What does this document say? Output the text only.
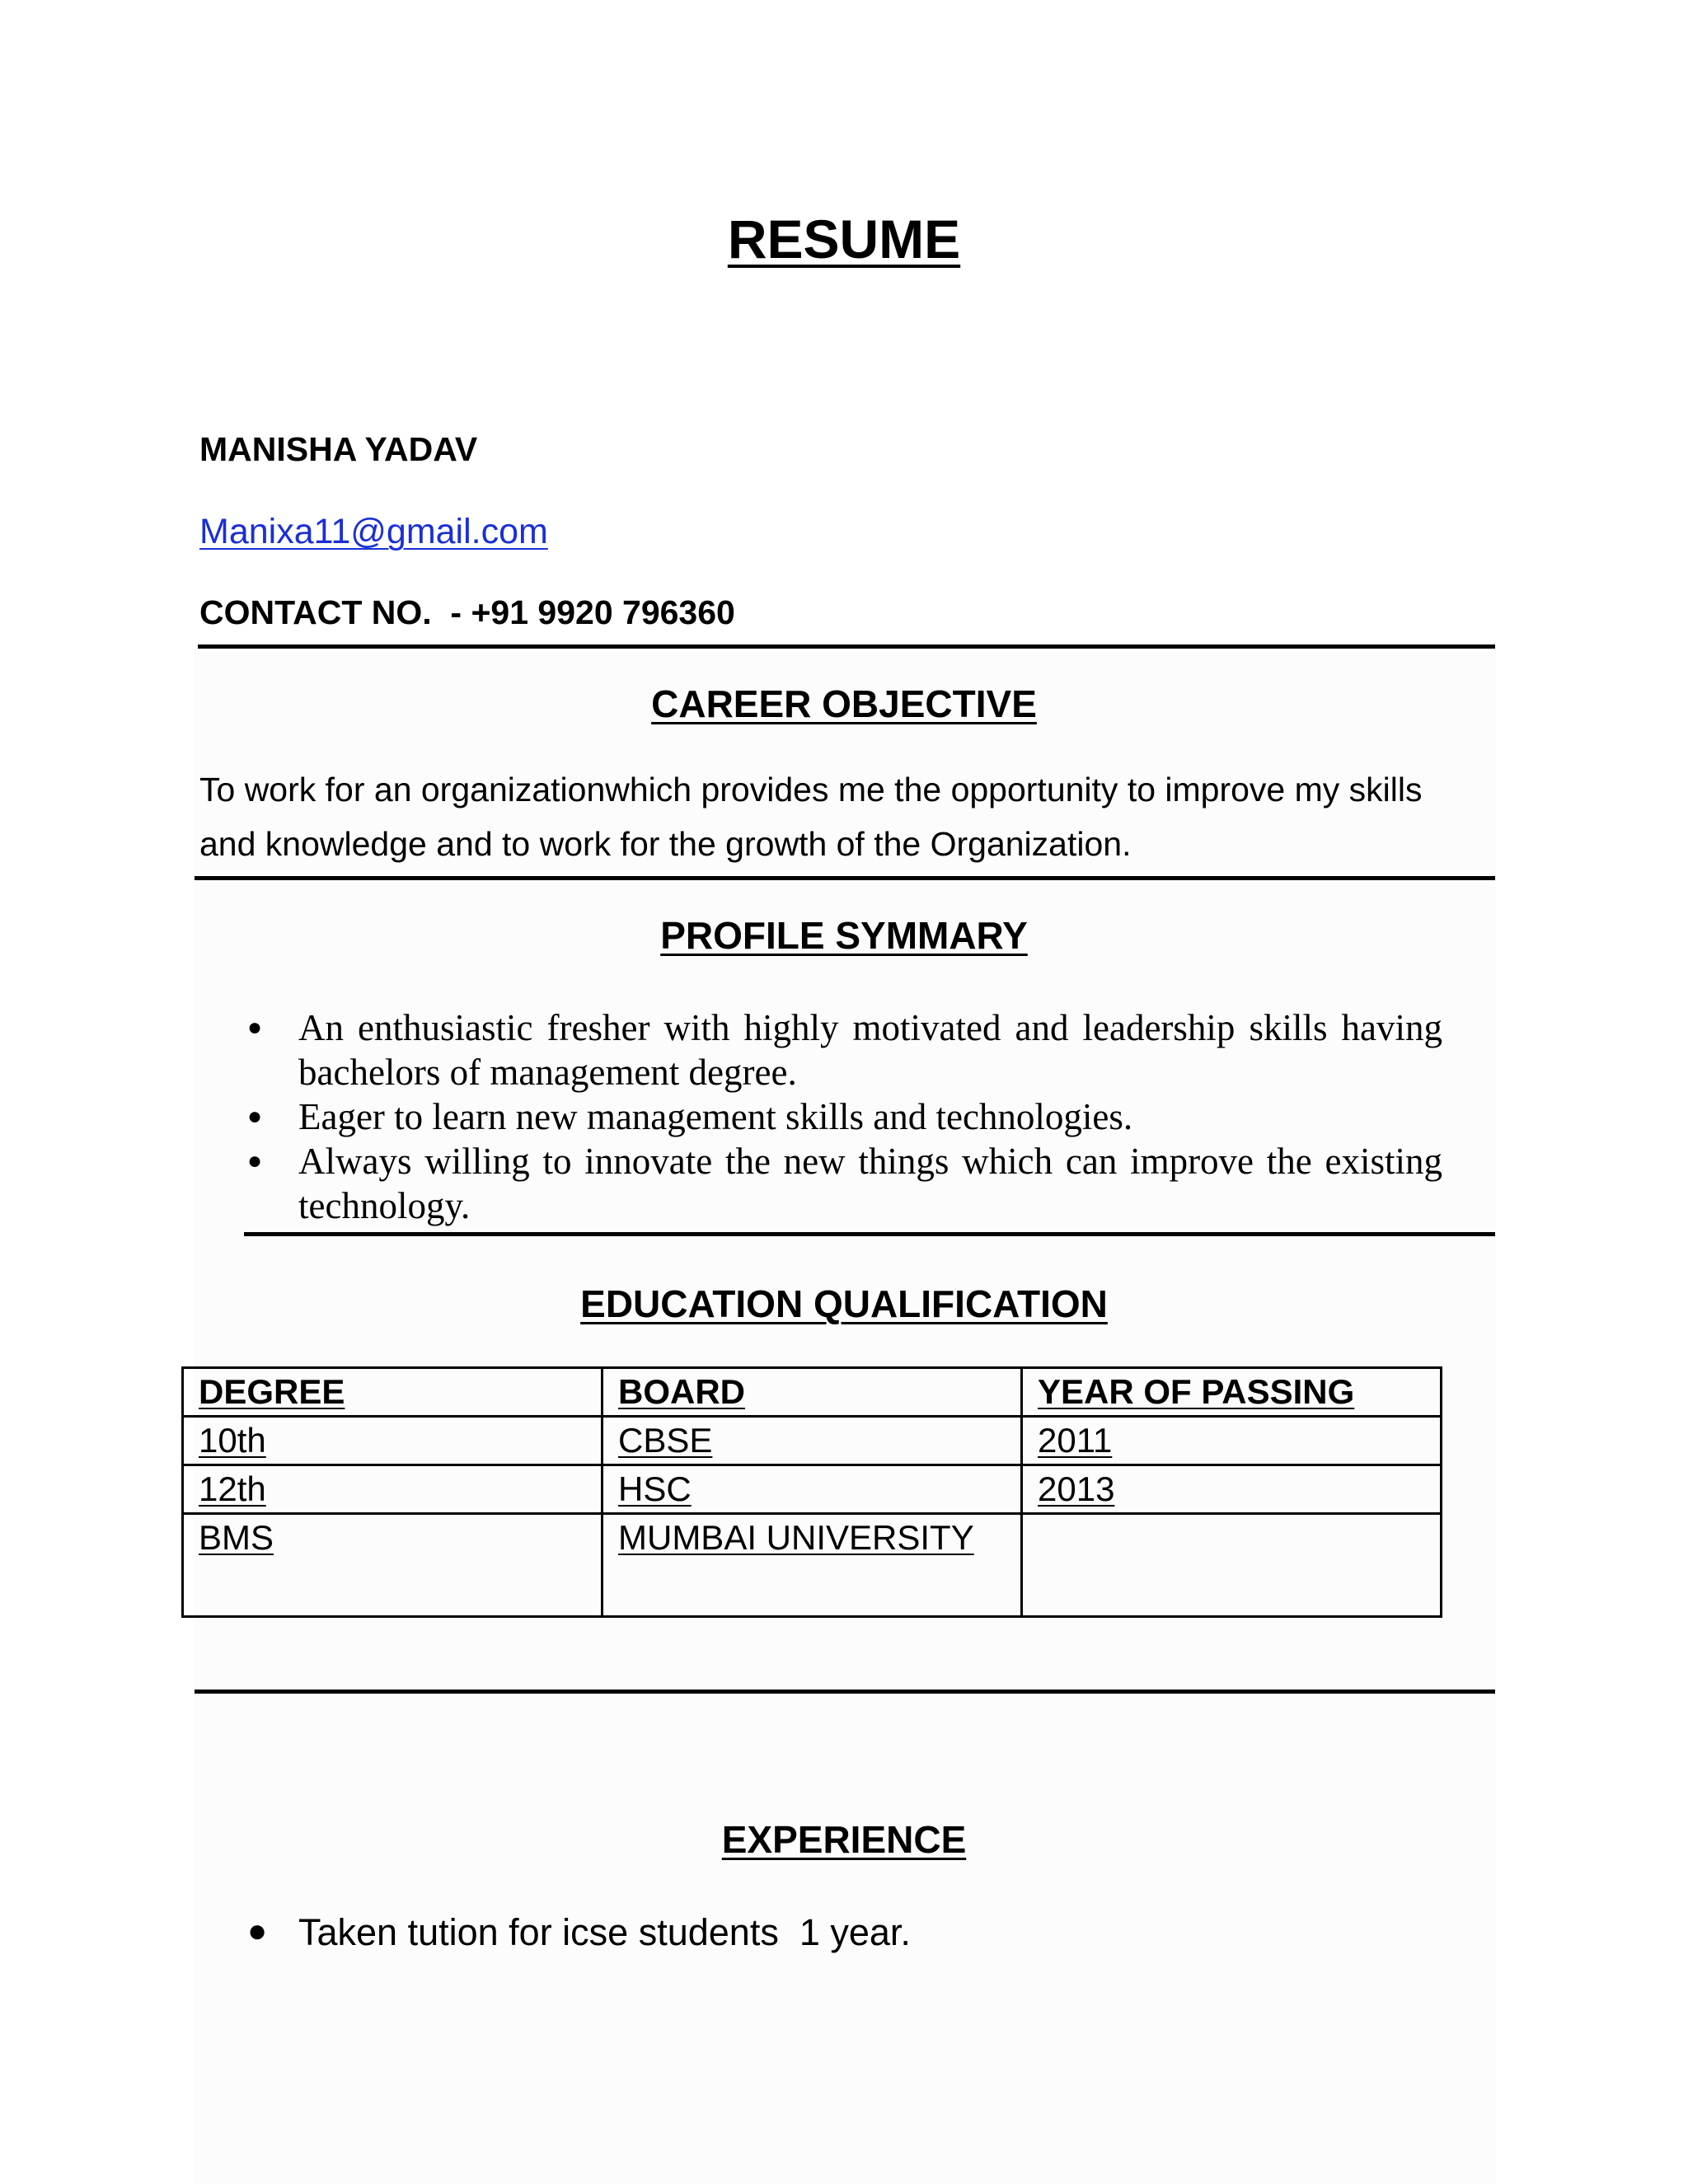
RESUME
MANISHA YADAV
Manixa11@gmail.com
CONTACT NO.  - +91 9920 796360
CAREER OBJECTIVE
To work for an organizationwhich provides me the opportunity to improve my skills and knowledge and to work for the growth of the Organization.
PROFILE SYMMARY
● An enthusiastic fresher with highly motivated and leadership skills having bachelors of management degree.
● Eager to learn new management skills and technologies.
● Always willing to innovate the new things which can improve the existing technology.
EDUCATION QUALIFICATION
DEGREE	BOARD	YEAR OF PASSING
10th	CBSE	2011
12th	HSC	2013
BMS	MUMBAI UNIVERSITY	
EXPERIENCE
● Taken tution for icse students  1 year.
